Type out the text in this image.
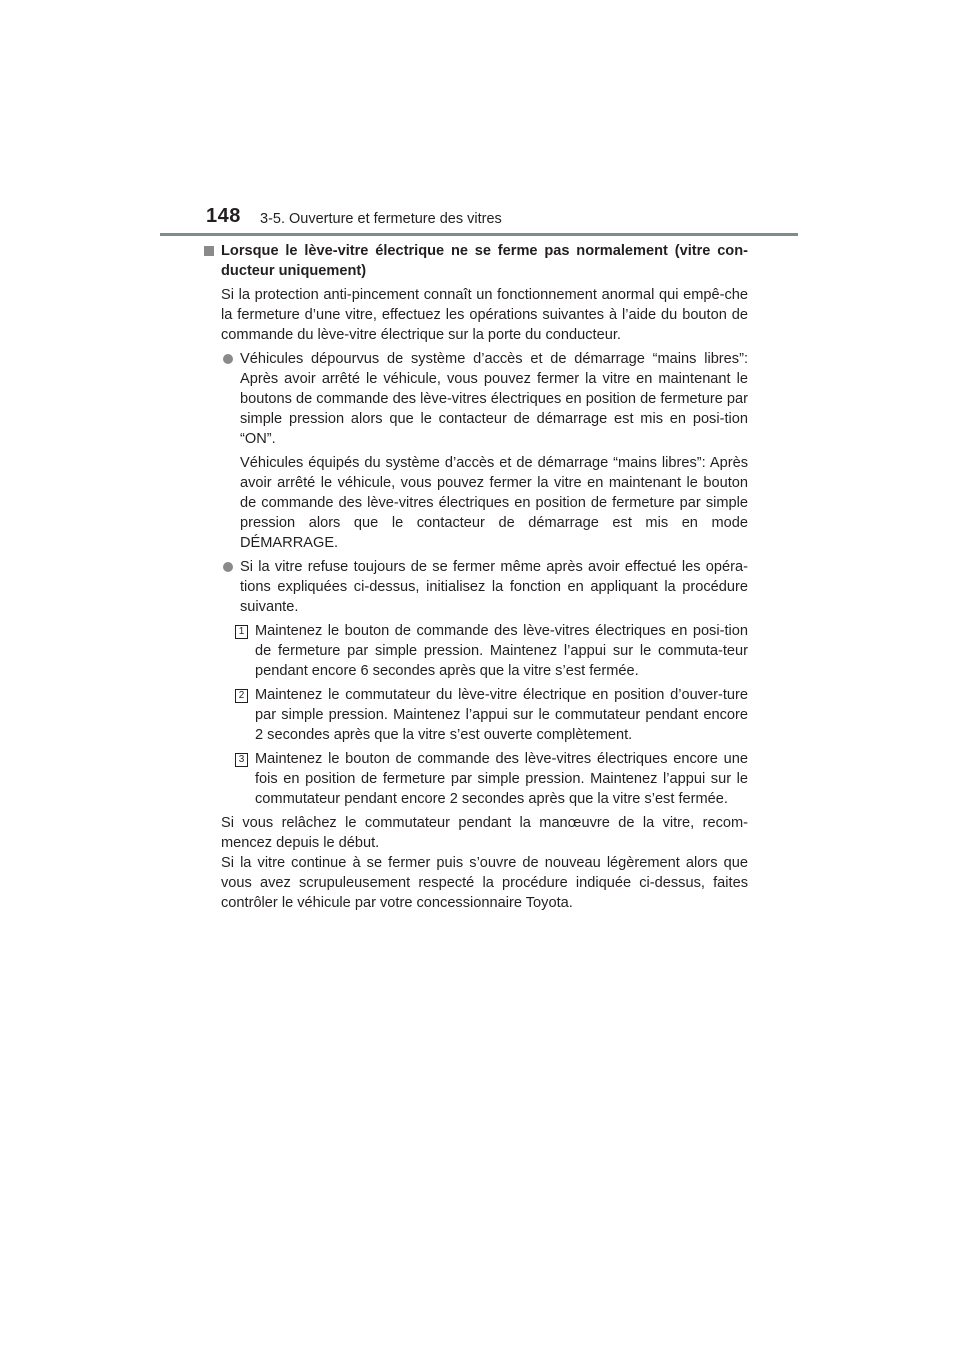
148 3-5. Ouverture et fermeture des vitres
Lorsque le lève-vitre électrique ne se ferme pas normalement (vitre con-ducteur uniquement)
Si la protection anti-pincement connaît un fonctionnement anormal qui empê-che la fermeture d’une vitre, effectuez les opérations suivantes à l’aide du bouton de commande du lève-vitre électrique sur la porte du conducteur.
Véhicules dépourvus de système d’accès et de démarrage “mains libres”: Après avoir arrêté le véhicule, vous pouvez fermer la vitre en maintenant le boutons de commande des lève-vitres électriques en position de fermeture par simple pression alors que le contacteur de démarrage est mis en posi-tion “ON”.
Véhicules équipés du système d’accès et de démarrage “mains libres”: Après avoir arrêté le véhicule, vous pouvez fermer la vitre en maintenant le bouton de commande des lève-vitres électriques en position de fermeture par simple pression alors que le contacteur de démarrage est mis en mode DÉMARRAGE.
Si la vitre refuse toujours de se fermer même après avoir effectué les opéra-tions expliquées ci-dessus, initialisez la fonction en appliquant la procédure suivante.
1 Maintenez le bouton de commande des lève-vitres électriques en posi-tion de fermeture par simple pression. Maintenez l’appui sur le commuta-teur pendant encore 6 secondes après que la vitre s’est fermée.
2 Maintenez le commutateur du lève-vitre électrique en position d’ouver-ture par simple pression. Maintenez l’appui sur le commutateur pendant encore 2 secondes après que la vitre s’est ouverte complètement.
3 Maintenez le bouton de commande des lève-vitres électriques encore une fois en position de fermeture par simple pression. Maintenez l’appui sur le commutateur pendant encore 2 secondes après que la vitre s’est fermée.
Si vous relâchez le commutateur pendant la manœuvre de la vitre, recom-mencez depuis le début.
Si la vitre continue à se fermer puis s’ouvre de nouveau légèrement alors que vous avez scrupuleusement respecté la procédure indiquée ci-dessus, faites contrôler le véhicule par votre concessionnaire Toyota.
